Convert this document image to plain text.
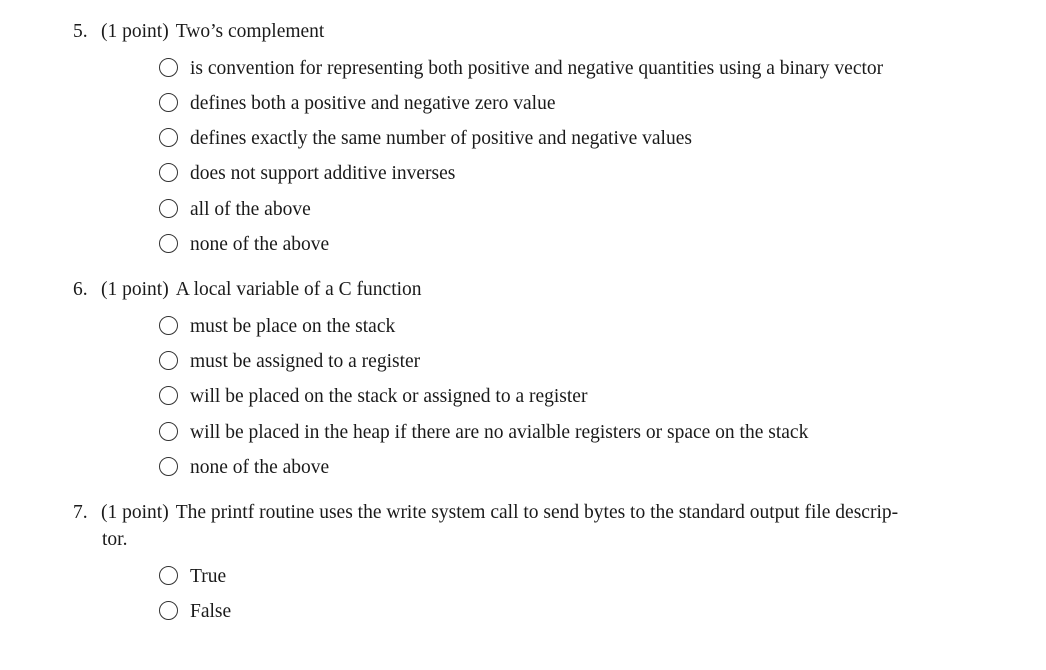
5. (1 point) Two’s complement
is convention for representing both positive and negative quantities using a binary vector
defines both a positive and negative zero value
defines exactly the same number of positive and negative values
does not support additive inverses
all of the above
none of the above
6. (1 point) A local variable of a C function
must be place on the stack
must be assigned to a register
will be placed on the stack or assigned to a register
will be placed in the heap if there are no avialble registers or space on the stack
none of the above
7. (1 point) The printf routine uses the write system call to send bytes to the standard output file descrip-
tor.
True
False
